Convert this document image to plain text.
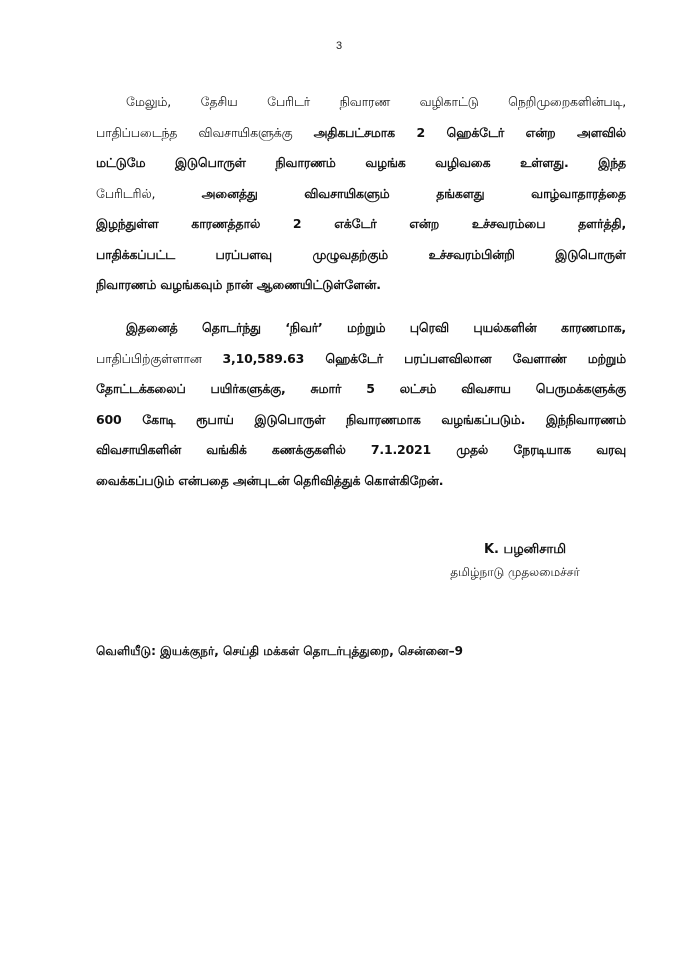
3
மேலும், தேசிய பேரிடர் நிவாரண வழிகாட்டு நெறிமுறைகளின்படி,
பாதிப்படைந்த விவசாயிகளுக்கு அதிகபட்சமாக 2 ஹெக்டேர் என்ற அளவில்
மட்டுமே இடுபொருள் நிவாரணம் வழங்க வழிவகை உள்ளது. இந்த
பேரிடரில், அனைத்து விவசாயிகளும் தங்களது வாழ்வாதாரத்தை
இழந்துள்ள காரணத்தால் 2 எக்டேர் என்ற உச்சவரம்பை தளர்த்தி,
பாதிக்கப்பட்ட பரப்பளவு முழுவதற்கும் உச்சவரம்பின்றி இடுபொருள்
நிவாரணம் வழங்கவும் நான் ஆணையிட்டுள்ளேன்.
இதனைத் தொடர்ந்து ‘நிவர்’ மற்றும் புரெவி புயல்களின் காரணமாக,
பாதிப்பிற்குள்ளான 3,10,589.63 ஹெக்டேர் பரப்பளவிலான வேளாண் மற்றும்
தோட்டக்கலைப் பயிர்களுக்கு, சுமார் 5 லட்சம் விவசாய பெருமக்களுக்கு
600 கோடி ரூபாய் இடுபொருள் நிவாரணமாக வழங்கப்படும். இந்நிவாரணம்
விவசாயிகளின் வங்கிக் கணக்குகளில் 7.1.2021 முதல் நேரடியாக வரவு
வைக்கப்படும் என்பதை அன்புடன் தெரிவித்துக் கொள்கிறேன்.
K. பழனிசாமி
தமிழ்நாடு முதலமைச்சர்
வெளியீடு: இயக்குநர், செய்தி மக்கள் தொடர்புத்துறை, சென்னை–9
